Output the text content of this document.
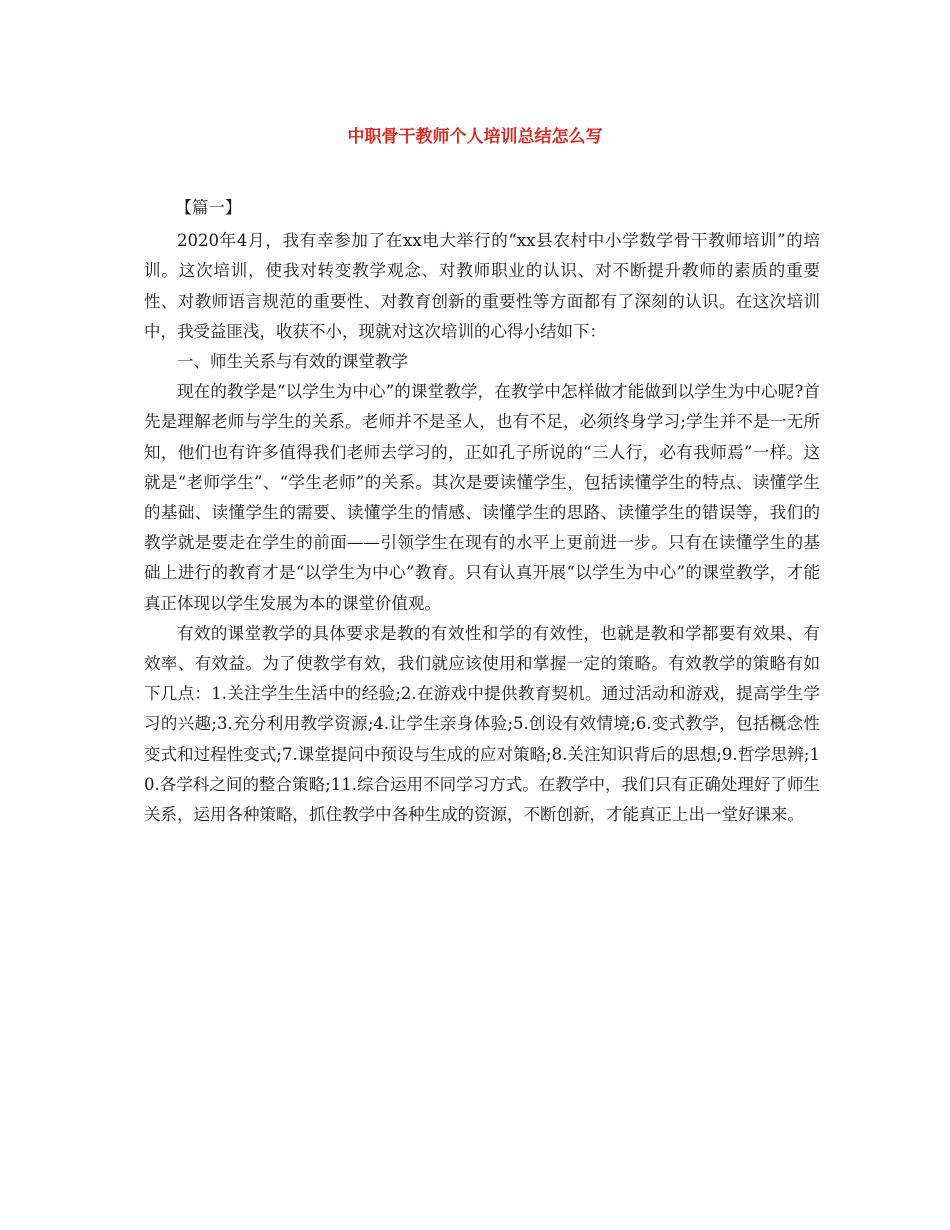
中职骨干教师个人培训总结怎么写

【篇一】

2020年4月，我有幸参加了在xx电大举行的“xx县农村中小学数学骨干教师培训”的培训。这次培训，使我对转变教学观念、对教师职业的认识、对不断提升教师的素质的重要性、对教师语言规范的重要性、对教育创新的重要性等方面都有了深刻的认识。在这次培训中，我受益匪浅，收获不小，现就对这次培训的心得小结如下：

一、师生关系与有效的课堂教学

现在的教学是“以学生为中心”的课堂教学，在教学中怎样做才能做到以学生为中心呢?首先是理解老师与学生的关系。老师并不是圣人，也有不足，必须终身学习;学生并不是一无所知，他们也有许多值得我们老师去学习的，正如孔子所说的“三人行，必有我师焉”一样。这就是“老师学生”、“学生老师”的关系。其次是要读懂学生，包括读懂学生的特点、读懂学生的基础、读懂学生的需要、读懂学生的情感、读懂学生的思路、读懂学生的错误等，我们的教学就是要走在学生的前面——引领学生在现有的水平上更前进一步。只有在读懂学生的基础上进行的教育才是“以学生为中心”教育。只有认真开展“以学生为中心”的课堂教学，才能真正体现以学生发展为本的课堂价值观。

有效的课堂教学的具体要求是教的有效性和学的有效性，也就是教和学都要有效果、有效率、有效益。为了使教学有效，我们就应该使用和掌握一定的策略。有效教学的策略有如下几点：1.关注学生生活中的经验;2.在游戏中提供教育契机。通过活动和游戏，提高学生学习的兴趣;3.充分利用教学资源;4.让学生亲身体验;5.创设有效情境;6.变式教学，包括概念性变式和过程性变式;7.课堂提问中预设与生成的应对策略;8.关注知识背后的思想;9.哲学思辨;10.各学科之间的整合策略;11.综合运用不同学习方式。在教学中，我们只有正确处理好了师生关系，运用各种策略，抓住教学中各种生成的资源，不断创新，才能真正上出一堂好课来。
